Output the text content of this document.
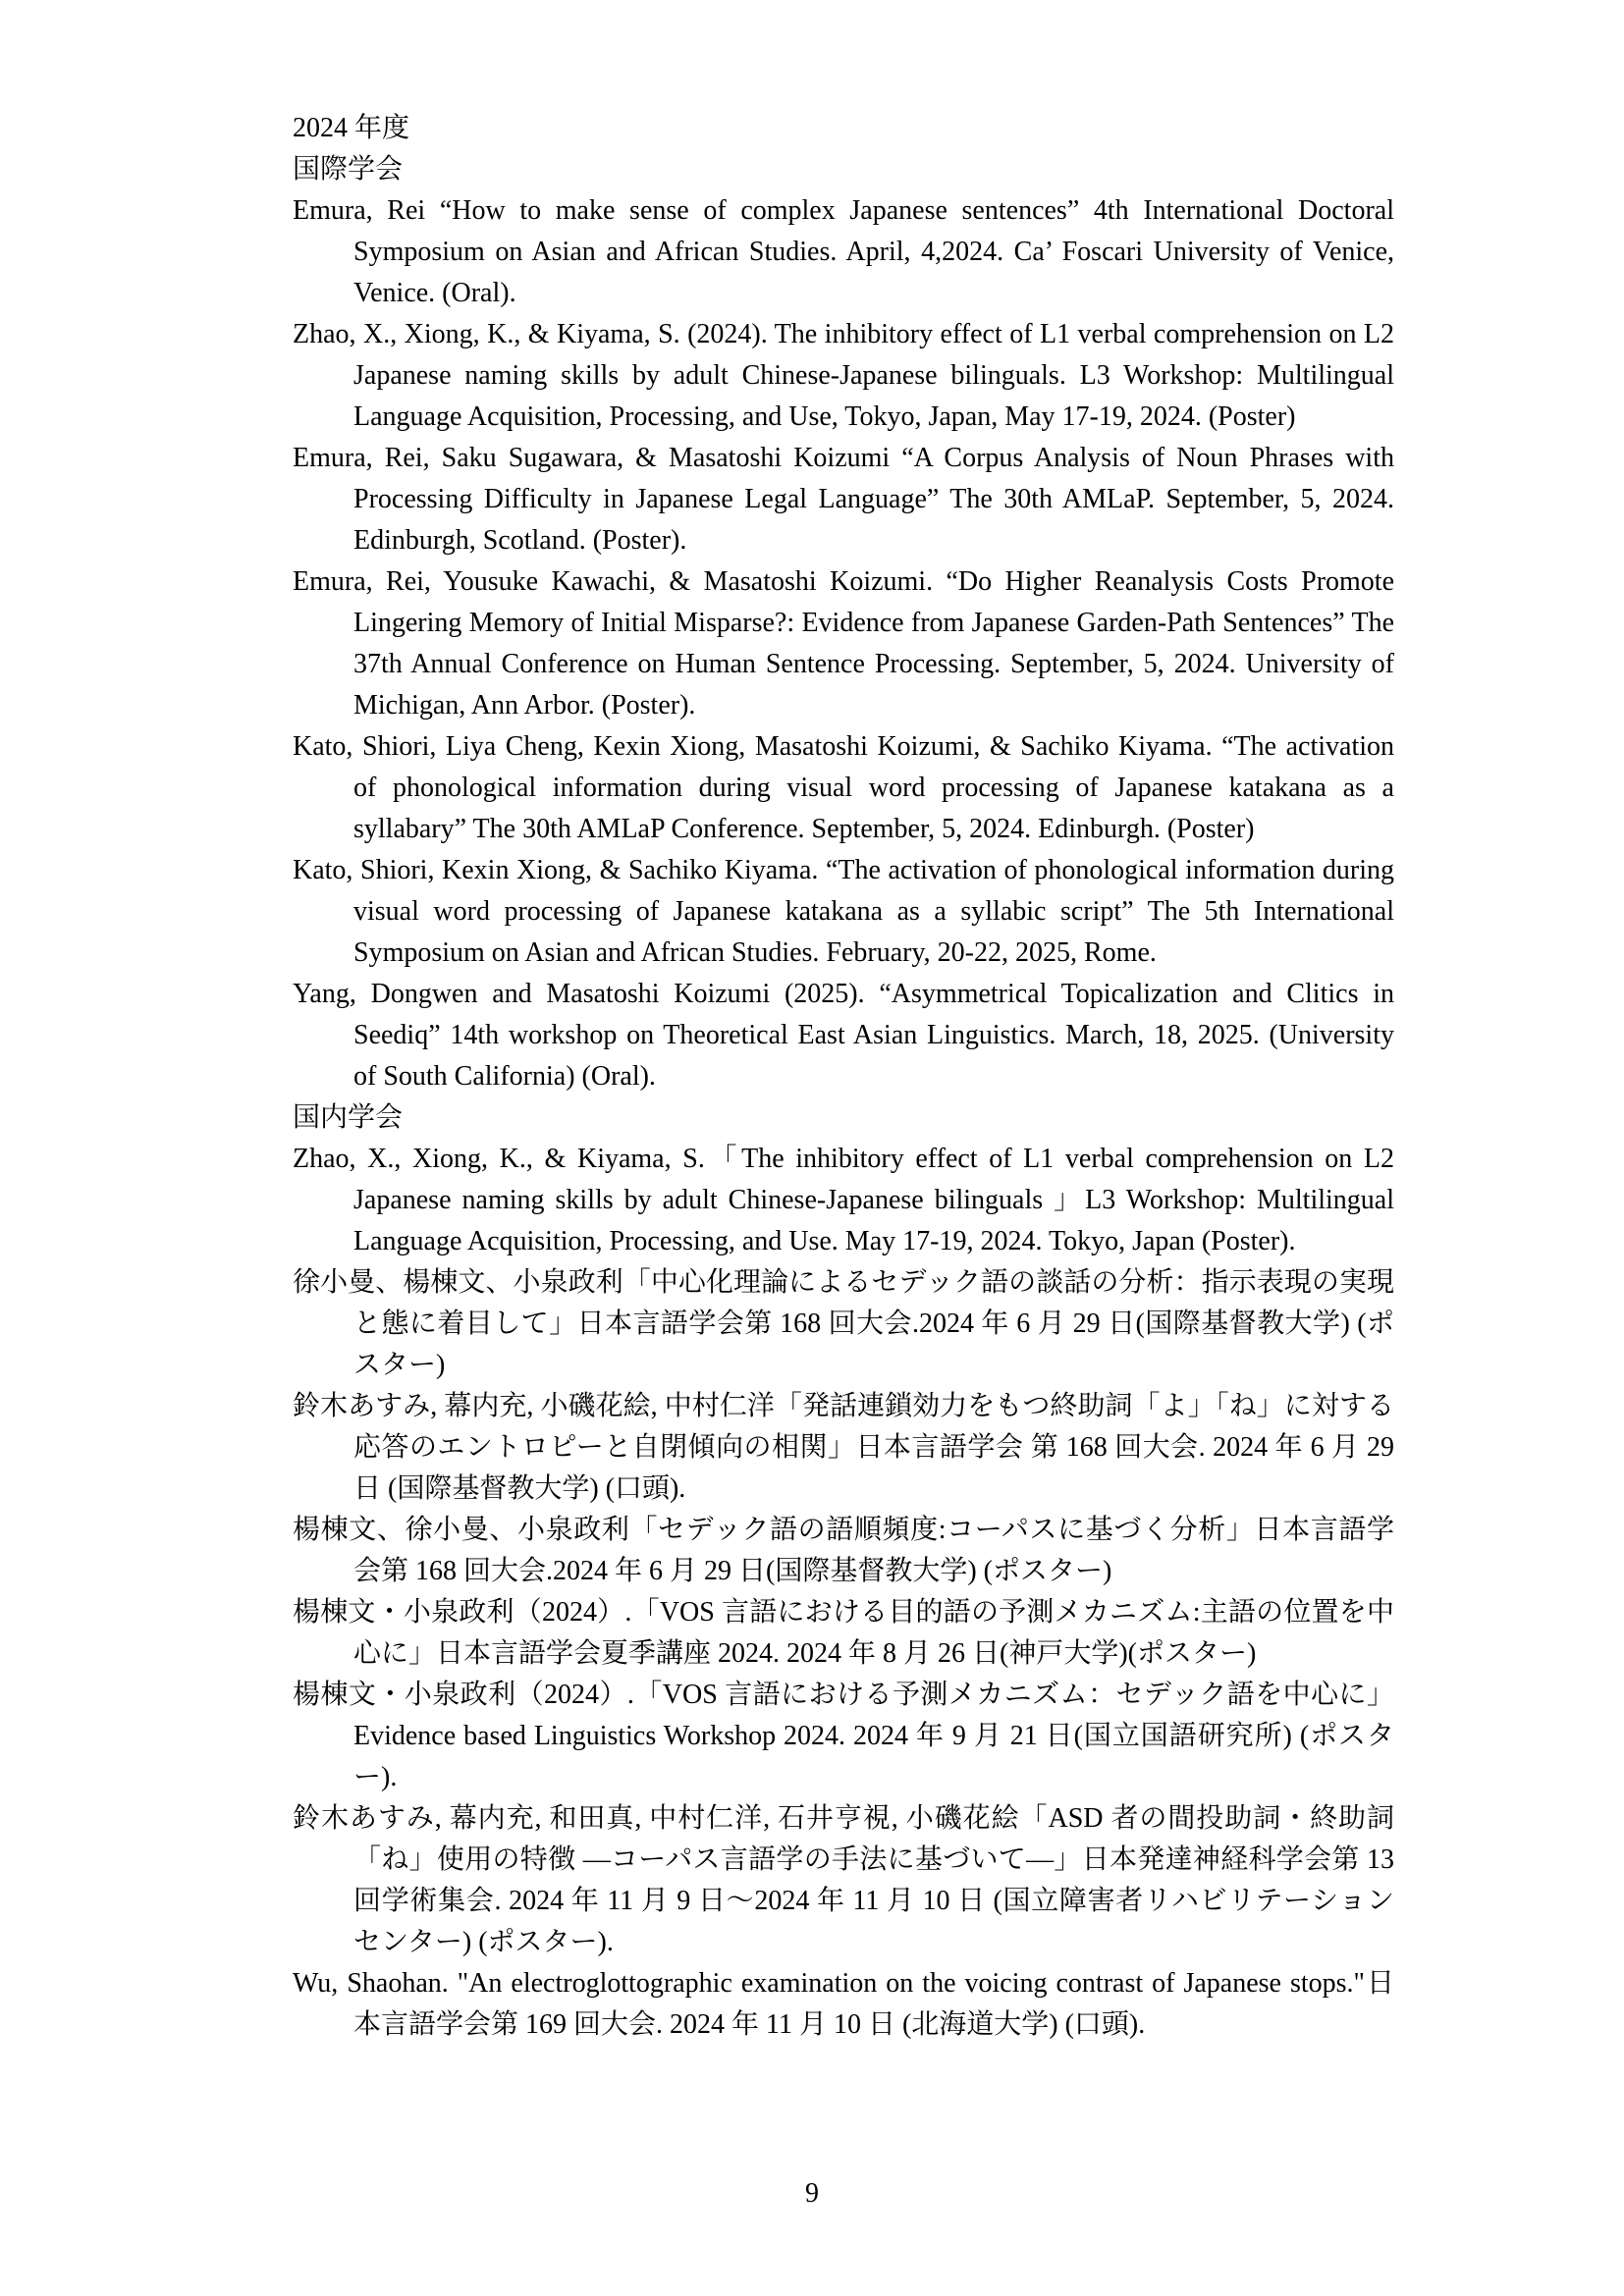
2024 年度

国際学会

Emura, Rei “How to make sense of complex Japanese sentences” 4th International Doctoral Symposium on Asian and African Studies. April, 4,2024. Ca’ Foscari University of Venice, Venice. (Oral).

Zhao, X., Xiong, K., & Kiyama, S. (2024). The inhibitory effect of L1 verbal comprehension on L2 Japanese naming skills by adult Chinese-Japanese bilinguals. L3 Workshop: Multilingual Language Acquisition, Processing, and Use, Tokyo, Japan, May 17-19, 2024. (Poster)

Emura, Rei, Saku Sugawara, & Masatoshi Koizumi “A Corpus Analysis of Noun Phrases with Processing Difficulty in Japanese Legal Language” The 30th AMLaP. September, 5, 2024. Edinburgh, Scotland. (Poster).

Emura, Rei, Yousuke Kawachi, & Masatoshi Koizumi. “Do Higher Reanalysis Costs Promote Lingering Memory of Initial Misparse?: Evidence from Japanese Garden-Path Sentences” The 37th Annual Conference on Human Sentence Processing. September, 5, 2024. University of Michigan, Ann Arbor. (Poster).

Kato, Shiori, Liya Cheng, Kexin Xiong, Masatoshi Koizumi, & Sachiko Kiyama. “The activation of phonological information during visual word processing of Japanese katakana as a syllabary” The 30th AMLaP Conference. September, 5, 2024. Edinburgh. (Poster)

Kato, Shiori, Kexin Xiong, & Sachiko Kiyama. “The activation of phonological information during visual word processing of Japanese katakana as a syllabic script” The 5th International Symposium on Asian and African Studies. February, 20-22, 2025, Rome.

Yang, Dongwen and Masatoshi Koizumi (2025). “Asymmetrical Topicalization and Clitics in Seediq” 14th workshop on Theoretical East Asian Linguistics. March, 18, 2025. (University of South California) (Oral).

国内学会

Zhao, X., Xiong, K., & Kiyama, S.「The inhibitory effect of L1 verbal comprehension on L2 Japanese naming skills by adult Chinese-Japanese bilinguals 」L3 Workshop: Multilingual Language Acquisition, Processing, and Use. May 17-19, 2024. Tokyo, Japan (Poster).

徐小曼、楊棟文、小泉政利「中心化理論によるセデック語の談話の分析：指示表現の実現と態に着目して」日本言語学会第 168 回大会.2024 年 6 月 29 日(国際基督教大学) (ポスター)

鈴木あすみ, 幕内充, 小磯花絵, 中村仁洋「発話連鎖効力をもつ終助詞「よ」「ね」に対する応答のエントロピーと自閉傾向の相関」日本言語学会 第 168 回大会. 2024 年 6 月 29 日 (国際基督教大学) (口頭).

楊棟文、徐小曼、小泉政利「セデック語の語順頻度:コーパスに基づく分析」日本言語学会第 168 回大会.2024 年 6 月 29 日(国際基督教大学) (ポスター)

楊棟文・小泉政利（2024）.「VOS 言語における目的語の予測メカニズム:主語の位置を中心に」日本言語学会夏季講座 2024. 2024 年 8 月 26 日(神戸大学)(ポスター)

楊棟文・小泉政利（2024）.「VOS 言語における予測メカニズム：セデック語を中心に」 Evidence based Linguistics Workshop 2024. 2024 年 9 月 21 日(国立国語研究所) (ポスター).

鈴木あすみ, 幕内充, 和田真, 中村仁洋, 石井亨視, 小磯花絵「ASD 者の間投助詞・終助詞 「ね」使用の特徴 ―コーパス言語学の手法に基づいて―」日本発達神経科学会第 13 回学術集会. 2024 年 11 月 9 日～2024 年 11 月 10 日 (国立障害者リハビリテーションセンター) (ポスター).

Wu, Shaohan. "An electroglottographic examination on the voicing contrast of Japanese stops."日本言語学会第 169 回大会. 2024 年 11 月 10 日 (北海道大学) (口頭).

9
